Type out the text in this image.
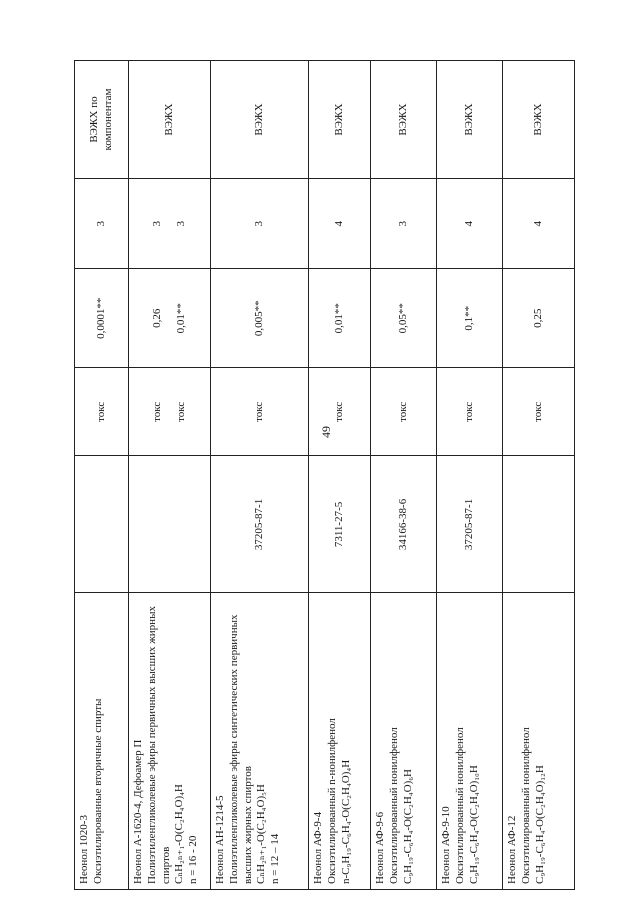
49
Неонол 1020-3 Оксиэтилированные вторичные спирты		токс	0,0001**	3	ВЭЖХ по компонентам

Неонол А-1620-4, Дефоамер П Полиэтиленгликолевые эфиры первичных высших жирных спиртов CₙH₂ₙ₊₁-O(C₂H₄O)₄H n = 16 - 20		токс токс	0,26 0,01**	3 3	ВЭЖХ

Неонол АН-1214-5 Полиэтиленгликолевые эфиры синтетических первичных высших жирных спиртов CₙH₂ₙ₊₁-O(C₂H₄O)₅H n = 12 – 14	37205-87-1	токс	0,005**	3	ВЭЖХ

Неонол АФ-9-4 Оксиэтилированный n-нонилфенол n-C₉H₁₉-C₆H₄-O(C₂H₄O)₄H	7311-27-5	токс	0,01**	4	ВЭЖХ

Неонол АФ-9-6 Оксиэтилированный нонилфенол C₉H₁₉-C₆H₄-O(C₂H₄O)₆H	34166-38-6	токс	0,05**	3	ВЭЖХ

Неонол АФ-9-10 Оксиэтилированный нонилфенол C₉H₁₉-C₆H₄-O(C₂H₄O)₁₀H	37205-87-1	токс	0,1**	4	ВЭЖХ

Неонол АФ-12 Оксиэтилированный нонилфенол C₉H₁₉-C₆H₄-O(C₂H₄O)₁₂H		токс	0,25	4	ВЭЖХ
